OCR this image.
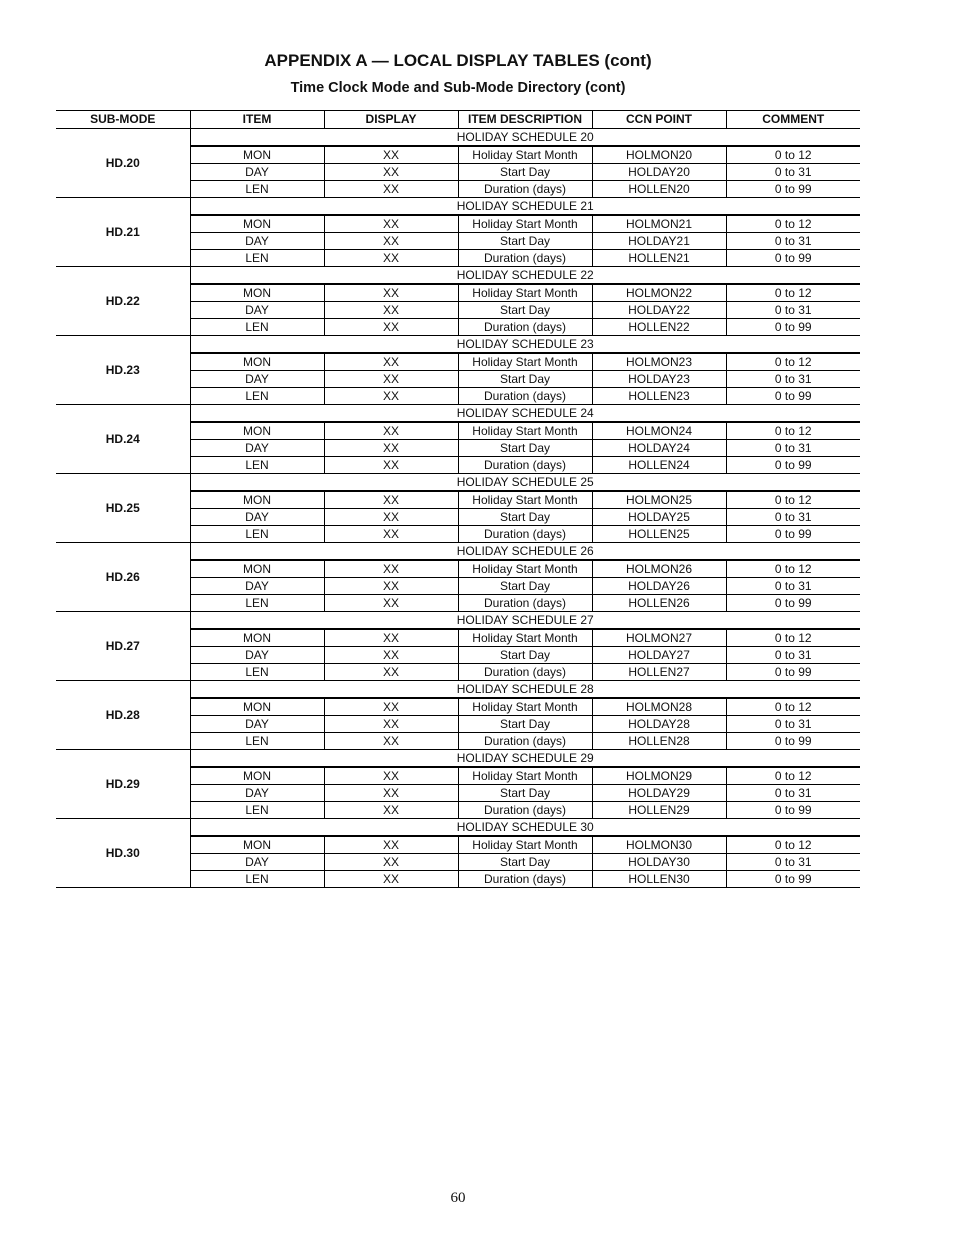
APPENDIX A — LOCAL DISPLAY TABLES (cont)
Time Clock Mode and Sub-Mode Directory (cont)
SUB-MODE	ITEM	DISPLAY	ITEM DESCRIPTION	CCN POINT	COMMENT
HD.20	HOLIDAY SCHEDULE 20				
	MON	XX	Holiday Start Month	HOLMON20	0 to 12
	DAY	XX	Start Day	HOLDAY20	0 to 31
	LEN	XX	Duration (days)	HOLLEN20	0 to 99
HD.21	HOLIDAY SCHEDULE 21				
	MON	XX	Holiday Start Month	HOLMON21	0 to 12
	DAY	XX	Start Day	HOLDAY21	0 to 31
	LEN	XX	Duration (days)	HOLLEN21	0 to 99
HD.22	HOLIDAY SCHEDULE 22				
	MON	XX	Holiday Start Month	HOLMON22	0 to 12
	DAY	XX	Start Day	HOLDAY22	0 to 31
	LEN	XX	Duration (days)	HOLLEN22	0 to 99
HD.23	HOLIDAY SCHEDULE 23				
	MON	XX	Holiday Start Month	HOLMON23	0 to 12
	DAY	XX	Start Day	HOLDAY23	0 to 31
	LEN	XX	Duration (days)	HOLLEN23	0 to 99
HD.24	HOLIDAY SCHEDULE 24				
	MON	XX	Holiday Start Month	HOLMON24	0 to 12
	DAY	XX	Start Day	HOLDAY24	0 to 31
	LEN	XX	Duration (days)	HOLLEN24	0 to 99
HD.25	HOLIDAY SCHEDULE 25				
	MON	XX	Holiday Start Month	HOLMON25	0 to 12
	DAY	XX	Start Day	HOLDAY25	0 to 31
	LEN	XX	Duration (days)	HOLLEN25	0 to 99
HD.26	HOLIDAY SCHEDULE 26				
	MON	XX	Holiday Start Month	HOLMON26	0 to 12
	DAY	XX	Start Day	HOLDAY26	0 to 31
	LEN	XX	Duration (days)	HOLLEN26	0 to 99
HD.27	HOLIDAY SCHEDULE 27				
	MON	XX	Holiday Start Month	HOLMON27	0 to 12
	DAY	XX	Start Day	HOLDAY27	0 to 31
	LEN	XX	Duration (days)	HOLLEN27	0 to 99
HD.28	HOLIDAY SCHEDULE 28				
	MON	XX	Holiday Start Month	HOLMON28	0 to 12
	DAY	XX	Start Day	HOLDAY28	0 to 31
	LEN	XX	Duration (days)	HOLLEN28	0 to 99
HD.29	HOLIDAY SCHEDULE 29				
	MON	XX	Holiday Start Month	HOLMON29	0 to 12
	DAY	XX	Start Day	HOLDAY29	0 to 31
	LEN	XX	Duration (days)	HOLLEN29	0 to 99
HD.30	HOLIDAY SCHEDULE 30				
	MON	XX	Holiday Start Month	HOLMON30	0 to 12
	DAY	XX	Start Day	HOLDAY30	0 to 31
	LEN	XX	Duration (days)	HOLLEN30	0 to 99
60
